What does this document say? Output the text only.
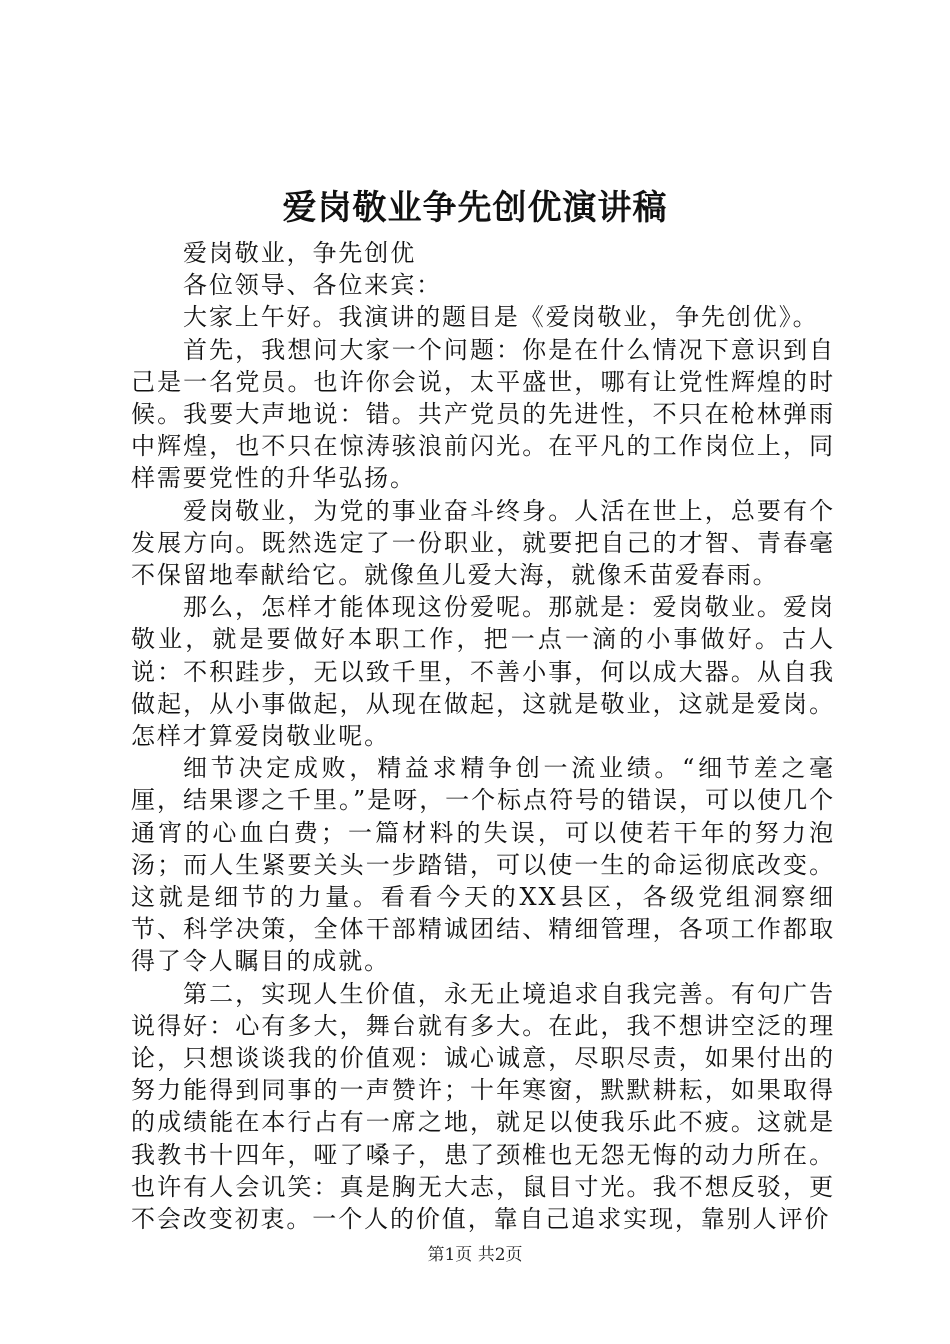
爱岗敬业争先创优演讲稿

爱岗敬业，争先创优

各位领导、各位来宾：

大家上午好。我演讲的题目是《爱岗敬业，争先创优》。

首先，我想问大家一个问题：你是在什么情况下意识到自己是一名党员。也许你会说，太平盛世，哪有让党性辉煌的时候。我要大声地说：错。共产党员的先进性，不只在枪林弹雨中辉煌，也不只在惊涛骇浪前闪光。在平凡的工作岗位上，同样需要党性的升华弘扬。

爱岗敬业，为党的事业奋斗终身。人活在世上，总要有个发展方向。既然选定了一份职业，就要把自己的才智、青春毫不保留地奉献给它。就像鱼儿爱大海，就像禾苗爱春雨。

那么，怎样才能体现这份爱呢。那就是：爱岗敬业。爱岗敬业，就是要做好本职工作，把一点一滴的小事做好。古人说：不积跬步，无以致千里，不善小事，何以成大器。从自我做起，从小事做起，从现在做起，这就是敬业，这就是爱岗。怎样才算爱岗敬业呢。

细节决定成败，精益求精争创一流业绩。“细节差之毫厘，结果谬之千里。”是呀，一个标点符号的错误，可以使几个通宵的心血白费；一篇材料的失误，可以使若干年的努力泡汤；而人生紧要关头一步踏错，可以使一生的命运彻底改变。这就是细节的力量。看看今天的XX县区，各级党组洞察细节、科学决策，全体干部精诚团结、精细管理，各项工作都取得了令人瞩目的成就。

第二，实现人生价值，永无止境追求自我完善。有句广告说得好：心有多大，舞台就有多大。在此，我不想讲空泛的理论，只想谈谈我的价值观：诚心诚意，尽职尽责，如果付出的努力能得到同事的一声赞许；十年寒窗，默默耕耘，如果取得的成绩能在本行占有一席之地，就足以使我乐此不疲。这就是我教书十四年，哑了嗓子，患了颈椎也无怨无悔的动力所在。也许有人会讥笑：真是胸无大志，鼠目寸光。我不想反驳，更不会改变初衷。一个人的价值，靠自己追求实现，靠别人评价

第1页 共2页
